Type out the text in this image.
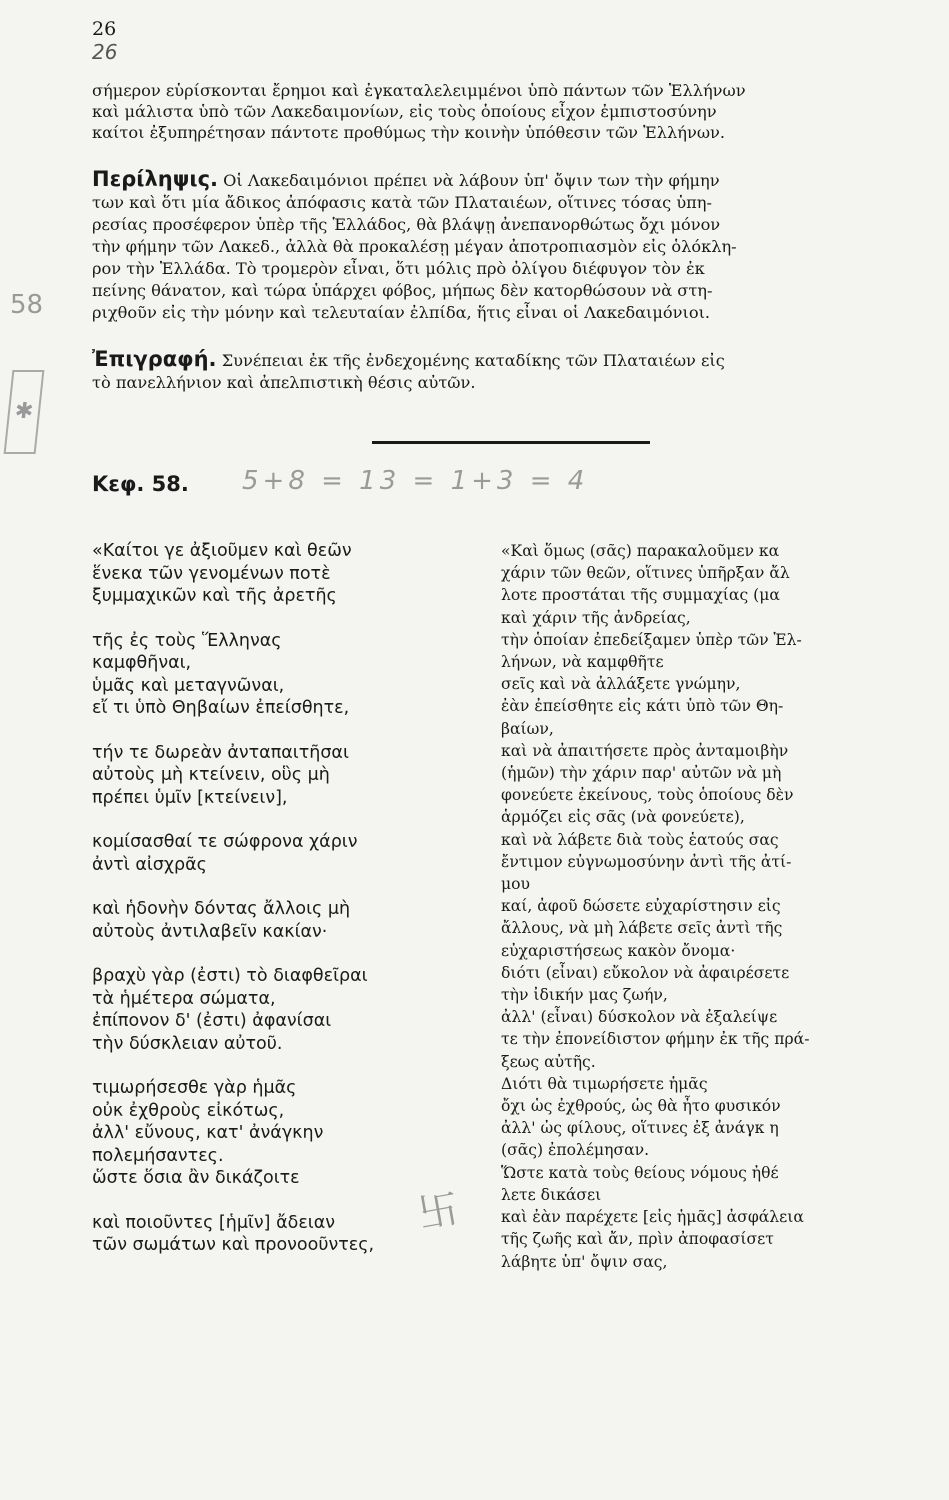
26
26
σήμερον εὑρίσκονται ἔρημοι καὶ ἐγκαταλελειμμένοι ὑπὸ πάντων τῶν Ἑλλήνων
καὶ μάλιστα ὑπὸ τῶν Λακεδαιμονίων, εἰς τοὺς ὁποίους εἶχον ἐμπιστοσύνην
καίτοι ἐξυπηρέτησαν πάντοτε προθύμως τὴν κοινὴν ὑπόθεσιν τῶν Ἑλλήνων.
Περίληψις. Οἱ Λακεδαιμόνιοι πρέπει νὰ λάβουν ὑπ' ὄψιν των τὴν φήμην
των καὶ ὅτι μία ἄδικος ἀπόφασις κατὰ τῶν Πλαταιέων, οἵτινες τόσας ὑπη-
ρεσίας προσέφερον ὑπὲρ τῆς Ἑλλάδος, θὰ βλάψῃ ἀνεπανορθώτως ὄχι μόνον
τὴν φήμην τῶν Λακεδ., ἀλλὰ θὰ προκαλέσῃ μέγαν ἀποτροπιασμὸν εἰς ὁλόκλη-
ρον τὴν Ἑλλάδα. Τὸ τρομερὸν εἶναι, ὅτι μόλις πρὸ ὀλίγου διέφυγον τὸν ἐκ
πείνης θάνατον, καὶ τώρα ὑπάρχει φόβος, μήπως δὲν κατορθώσουν νὰ στη-
ριχθοῦν εἰς τὴν μόνην καὶ τελευταίαν ἐλπίδα, ἥτις εἶναι οἱ Λακεδαιμόνιοι.
Ἐπιγραφή. Συνέπειαι ἐκ τῆς ἐνδεχομένης καταδίκης τῶν Πλαταιέων εἰς
τὸ πανελλήνιον καὶ ἀπελπιστικὴ θέσις αὐτῶν.
Κεφ. 58. 5+8 = 13 = 1+3 = 4
58
✱
«Καίτοι γε ἀξιοῦμεν καὶ θεῶν
ἕνεκα τῶν γενομένων ποτὲ
ξυμμαχικῶν καὶ τῆς ἀρετῆς
τῆς ἐς τοὺς Ἕλληνας
καμφθῆναι,
ὑμᾶς καὶ μεταγνῶναι,
εἴ τι ὑπὸ Θηβαίων ἐπείσθητε,
τήν τε δωρεὰν ἀνταπαιτῆσαι
αὐτοὺς μὴ κτείνειν, οὓς μὴ
πρέπει ὑμῖν [κτείνειν],
κομίσασθαί τε σώφρονα χάριν
ἀντὶ αἰσχρᾶς
καὶ ἡδονὴν δόντας ἄλλοις μὴ
αὐτοὺς ἀντιλαβεῖν κακίαν·
βραχὺ γὰρ (ἐστι) τὸ διαφθεῖραι
τὰ ἡμέτερα σώματα,
ἐπίπονον δ' (ἐστι) ἀφανίσαι
τὴν δύσκλειαν αὐτοῦ.
τιμωρήσεσθε γὰρ ἡμᾶς
οὐκ ἐχθροὺς εἰκότως,
ἀλλ' εὔνους, κατ' ἀνάγκην
πολεμήσαντες.
ὥστε ὅσια ἂν δικάζοιτε
καὶ ποιοῦντες [ἡμῖν] ἄδειαν
τῶν σωμάτων καὶ προνοοῦντες,
卐
«Καὶ ὅμως (σᾶς) παρακαλοῦμεν κα
χάριν τῶν θεῶν, οἵτινες ὑπῆρξαν ἄλ
λοτε προστάται τῆς συμμαχίας (μα
καὶ χάριν τῆς ἀνδρείας,
τὴν ὁποίαν ἐπεδείξαμεν ὑπὲρ τῶν Ἑλ-
λήνων, νὰ καμφθῆτε
σεῖς καὶ νὰ ἀλλάξετε γνώμην,
ἐὰν ἐπείσθητε εἰς κάτι ὑπὸ τῶν Θη-
βαίων,
καὶ νὰ ἀπαιτήσετε πρὸς ἀνταμοιβὴν
(ἡμῶν) τὴν χάριν παρ' αὐτῶν νὰ μὴ
φονεύετε ἐκείνους, τοὺς ὁποίους δὲν
ἁρμόζει εἰς σᾶς (νὰ φονεύετε),
καὶ νὰ λάβετε διὰ τοὺς ἑατούς σας
ἔντιμον εὐγνωμοσύνην ἀντὶ τῆς ἀτί-
μου
καί, ἀφοῦ δώσετε εὐχαρίστησιν εἰς
ἄλλους, νὰ μὴ λάβετε σεῖς ἀντὶ τῆς
εὐχαριστήσεως κακὸν ὄνομα·
διότι (εἶναι) εὔκολον νὰ ἀφαιρέσετε
τὴν ἰδικήν μας ζωήν,
ἀλλ' (εἶναι) δύσκολον νὰ ἐξαλείψε
τε τὴν ἐπονείδιστον φήμην ἐκ τῆς πρά-
ξεως αὐτῆς.
Διότι θὰ τιμωρήσετε ἡμᾶς
ὄχι ὡς ἐχθρούς, ὡς θὰ ἦτο φυσικόν
ἀλλ' ὡς φίλους, οἵτινες ἐξ ἀνάγκ η
(σᾶς) ἐπολέμησαν.
Ὥστε κατὰ τοὺς θείους νόμους ἠθέ
λετε δικάσει
καὶ ἐὰν παρέχετε [εἰς ἡμᾶς] ἀσφάλεια
τῆς ζωῆς καὶ ἄν, πρὶν ἀποφασίσετ
λάβητε ὑπ' ὄψιν σας,
